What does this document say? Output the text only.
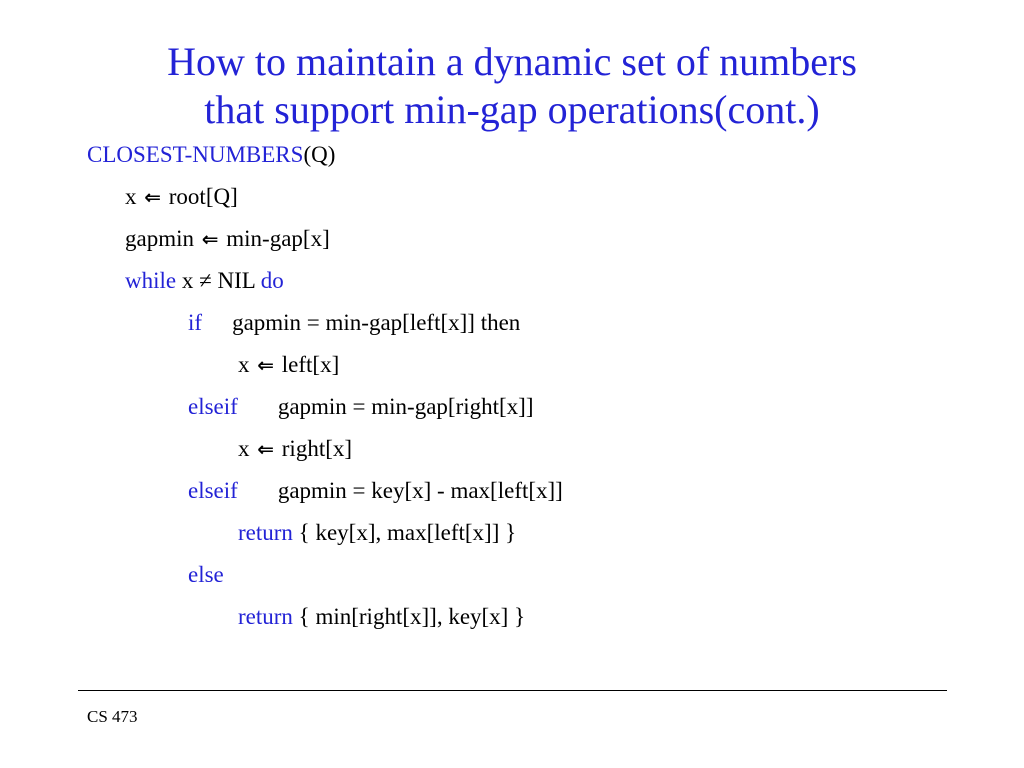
How to maintain a dynamic set of numbers
that support min-gap operations(cont.)
CLOSEST-NUMBERS(Q)
x ⇐ root[Q]
gapmin ⇐ min-gap[x]
while x ≠ NIL do
if gapmin = min-gap[left[x]] then
x ⇐ left[x]
elseif gapmin = min-gap[right[x]]
x ⇐ right[x]
elseif gapmin = key[x] - max[left[x]]
return { key[x], max[left[x]] }
else
return { min[right[x]], key[x] }
CS 473
